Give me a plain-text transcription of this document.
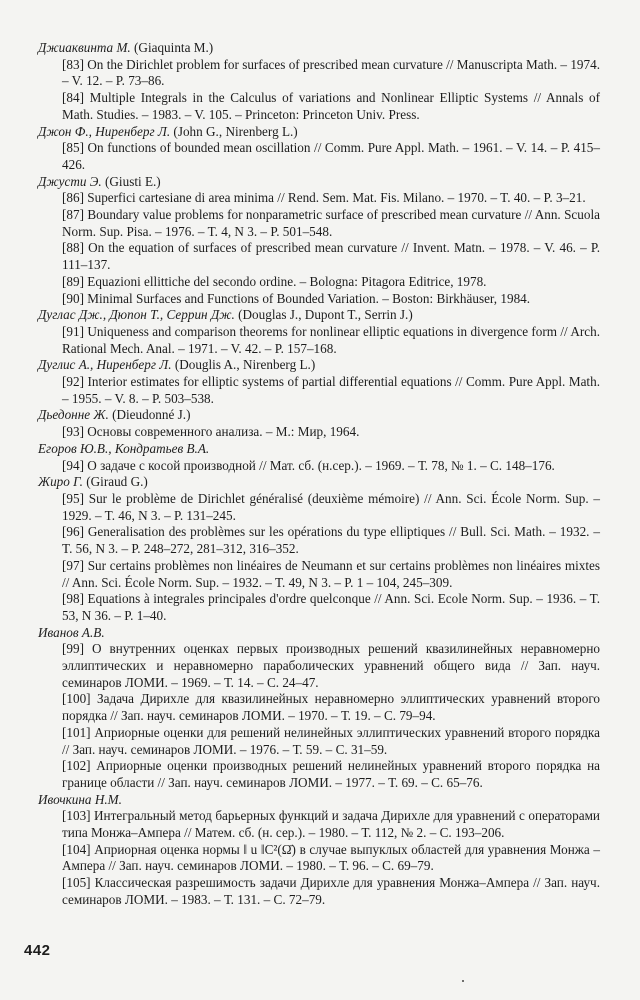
Джиаквинта М. (Giaquinta M.)
[83] On the Dirichlet problem for surfaces of prescribed mean curvature // Manuscripta Math. – 1974. – V. 12. – P. 73–86.
[84] Multiple Integrals in the Calculus of variations and Nonlinear Elliptic Systems // Annals of Math. Studies. – 1983. – V. 105. – Princeton: Princeton Univ. Press.
Джон Ф., Ниренберг Л. (John G., Nirenberg L.)
[85] On functions of bounded mean oscillation // Comm. Pure Appl. Math. – 1961. – V. 14. – P. 415–426.
Джусти Э. (Giusti E.)
[86] Superfici cartesiane di area minima // Rend. Sem. Mat. Fis. Milano. – 1970. – T. 40. – P. 3–21.
[87] Boundary value problems for nonparametric surface of prescribed mean curvature // Ann. Scuola Norm. Sup. Pisa. – 1976. – T. 4, N 3. – P. 501–548.
[88] On the equation of surfaces of prescribed mean curvature // Invent. Matn. – 1978. – V. 46. – P. 111–137.
[89] Equazioni ellittiche del secondo ordine. – Bologna: Pitagora Editrice, 1978.
[90] Minimal Surfaces and Functions of Bounded Variation. – Boston: Birkhäuser, 1984.
Дуглас Дж., Дюпон Т., Серрин Дж. (Douglas J., Dupont T., Serrin J.)
[91] Uniqueness and comparison theorems for nonlinear elliptic equations in divergence form // Arch. Rational Mech. Anal. – 1971. – V. 42. – P. 157–168.
Дуглис А., Ниренберг Л. (Douglis A., Nirenberg L.)
[92] Interior estimates for elliptic systems of partial differential equations // Comm. Pure Appl. Math. – 1955. – V. 8. – P. 503–538.
Дьедонне Ж. (Dieudonné J.)
[93] Основы современного анализа. – М.: Мир, 1964.
Егоров Ю.В., Кондратьев В.А.
[94] О задаче с косой производной // Мат. сб. (н.сер.). – 1969. – Т. 78, № 1. – С. 148–176.
Жиро Г. (Giraud G.)
[95] Sur le problème de Dirichlet généralisé (deuxième mémoire) // Ann. Sci. École Norm. Sup. – 1929. – T. 46, N 3. – P. 131–245.
[96] Generalisation des problèmes sur les opérations du type elliptiques // Bull. Sci. Math. – 1932. – T. 56, N 3. – P. 248–272, 281–312, 316–352.
[97] Sur certains problèmes non linéaires de Neumann et sur certains problèmes non linéaires mixtes // Ann. Sci. École Norm. Sup. – 1932. – T. 49, N 3. – P. 1 – 104, 245–309.
[98] Equations à integrales principales d'ordre quelconque // Ann. Sci. Ecole Norm. Sup. – 1936. – T. 53, N 36. – P. 1–40.
Иванов А.В.
[99] О внутренних оценках первых производных решений квазилинейных неравномерно эллиптических и неравномерно параболических уравнений общего вида // Зап. науч. семинаров ЛОМИ. – 1969. – Т. 14. – С. 24–47.
[100] Задача Дирихле для квазилинейных неравномерно эллиптических уравнений второго порядка // Зап. науч. семинаров ЛОМИ. – 1970. – Т. 19. – С. 79–94.
[101] Априорные оценки для решений нелинейных эллиптических уравнений второго порядка // Зап. науч. семинаров ЛОМИ. – 1976. – Т. 59. – С. 31–59.
[102] Априорные оценки производных решений нелинейных уравнений второго порядка на границе области // Зап. науч. семинаров ЛОМИ. – 1977. – Т. 69. – С. 65–76.
Ивочкина Н.М.
[103] Интегральный метод барьерных функций и задача Дирихле для уравнений с операторами типа Монжа–Ампера // Матем. сб. (н. сер.). – 1980. – Т. 112, № 2. – С. 193–206.
[104] Априорная оценка нормы ‖ u ‖C²(Ω̄) в случае выпуклых областей для уравнения Монжа – Ампера // Зап. науч. семинаров ЛОМИ. – 1980. – Т. 96. – С. 69–79.
[105] Классическая разрешимость задачи Дирихле для уравнения Монжа–Ампера // Зап. науч. семинаров ЛОМИ. – 1983. – Т. 131. – С. 72–79.
442
